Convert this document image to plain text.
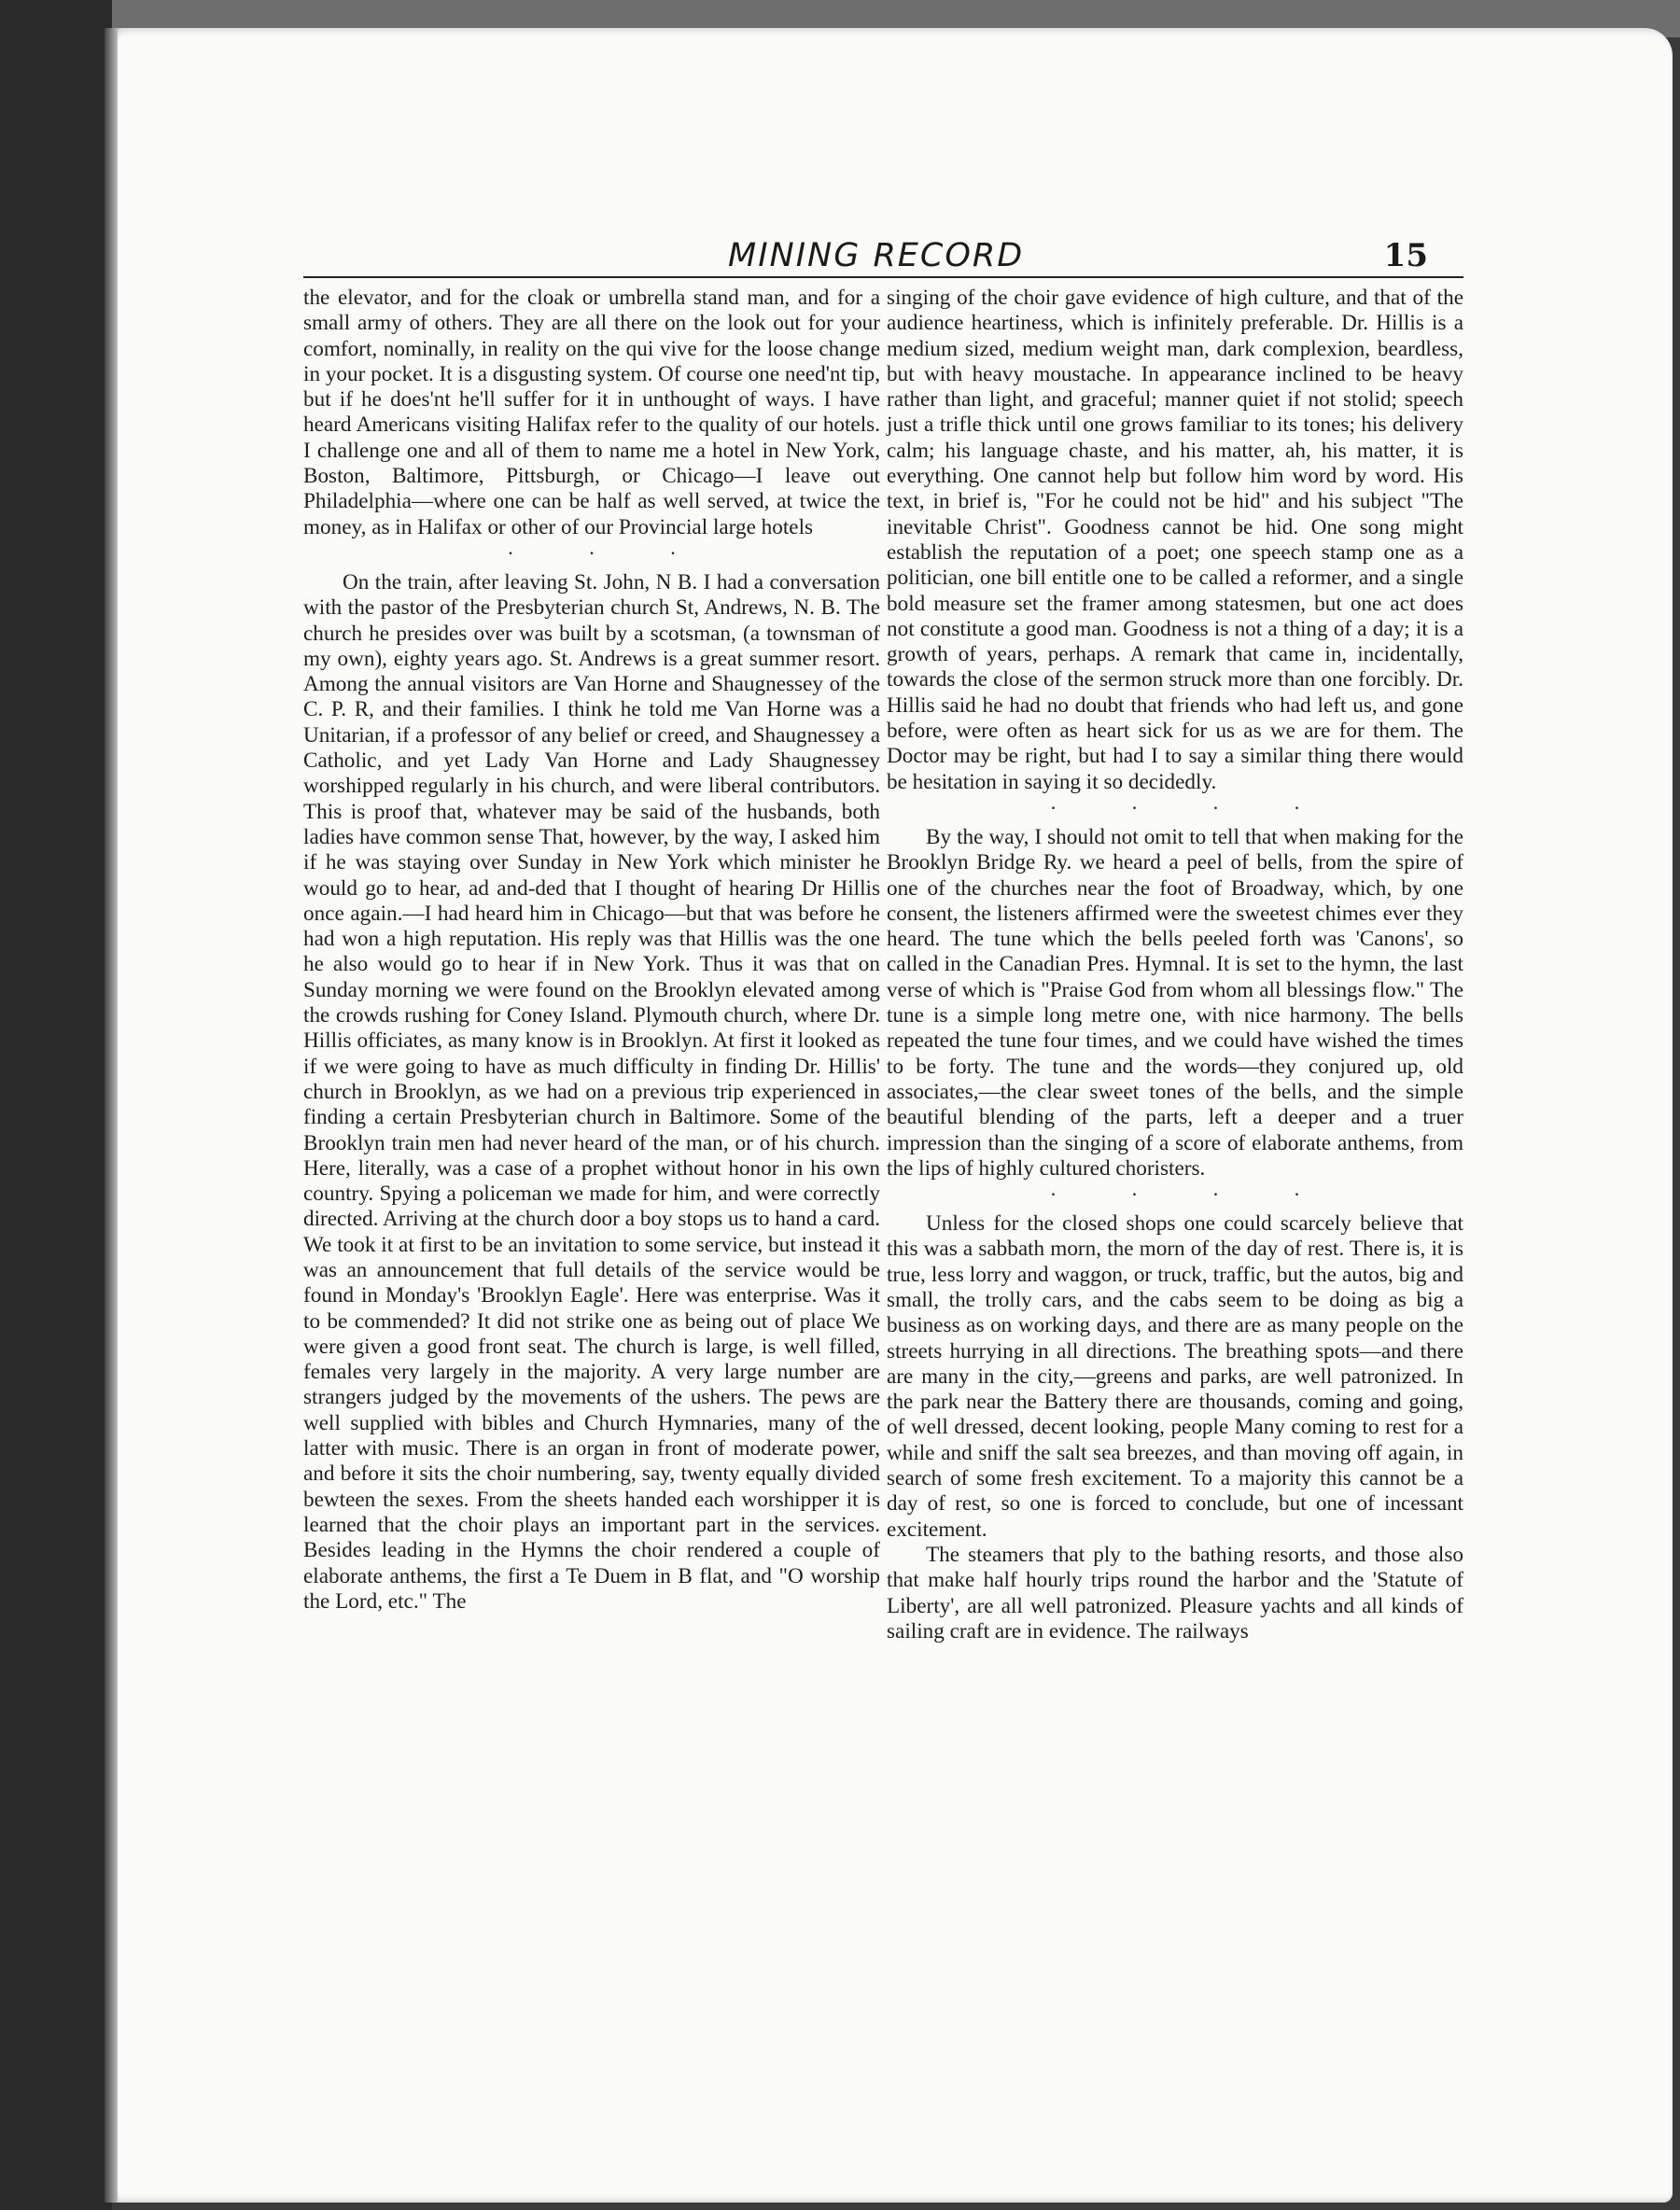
MINING RECORD	15

the elevator, and for the cloak or umbrella stand man, and for a small army of others. They are all there on the look out for your comfort, nominally, in reality on the qui vive for the loose change in your pocket. It is a disgusting system. Of course one need'nt tip, but if he does'nt he'll suffer for it in unthought of ways. I have heard Americans visiting Halifax refer to the quality of our hotels. I challenge one and all of them to name me a hotel in New York, Boston, Baltimore, Pittsburgh, or Chicago—I leave out Philadelphia—where one can be half as well served, at twice the money, as in Halifax or other of our Provincial large hotels

. . .

On the train, after leaving St. John, N B. I had a conversation with the pastor of the Presbyterian church St, Andrews, N. B. The church he presides over was built by a scotsman, (a townsman of my own), eighty years ago. St. Andrews is a great summer resort. Among the annual visitors are Van Horne and Shaugnessey of the C. P. R, and their families. I think he told me Van Horne was a Unitarian, if a professor of any belief or creed, and Shaugnessey a Catholic, and yet Lady Van Horne and Lady Shaugnessey worshipped regularly in his church, and were liberal contributors. This is proof that, whatever may be said of the husbands, both ladies have common sense That, however, by the way, I asked him if he was staying over Sunday in New York which minister he would go to hear, ad and-ded that I thought of hearing Dr Hillis once again.—I had heard him in Chicago—but that was before he had won a high reputation. His reply was that Hillis was the one he also would go to hear if in New York. Thus it was that on Sunday morning we were found on the Brooklyn elevated among the crowds rushing for Coney Island. Plymouth church, where Dr. Hillis officiates, as many know is in Brooklyn. At first it looked as if we were going to have as much difficulty in finding Dr. Hillis' church in Brooklyn, as we had on a previous trip experienced in finding a certain Presbyterian church in Baltimore. Some of the Brooklyn train men had never heard of the man, or of his church. Here, literally, was a case of a prophet without honor in his own country. Spying a policeman we made for him, and were correctly directed. Arriving at the church door a boy stops us to hand a card. We took it at first to be an invitation to some service, but instead it was an announcement that full details of the service would be found in Monday's 'Brooklyn Eagle'. Here was enterprise. Was it to be commended? It did not strike one as being out of place We were given a good front seat. The church is large, is well filled, females very largely in the majority. A very large number are strangers judged by the movements of the ushers. The pews are well supplied with bibles and Church Hymnaries, many of the latter with music. There is an organ in front of moderate power, and before it sits the choir numbering, say, twenty equally divided bewteen the sexes. From the sheets handed each worshipper it is learned that the choir plays an important part in the services. Besides leading in the Hymns the choir rendered a couple of elaborate anthems, the first a Te Duem in B flat, and "O worship the Lord, etc." The

singing of the choir gave evidence of high culture, and that of the audience heartiness, which is infinitely preferable. Dr. Hillis is a medium sized, medium weight man, dark complexion, beardless, but with heavy moustache. In appearance inclined to be heavy rather than light, and graceful; manner quiet if not stolid; speech just a trifle thick until one grows familiar to its tones; his delivery calm; his language chaste, and his matter, ah, his matter, it is everything. One cannot help but follow him word by word. His text, in brief is, "For he could not be hid" and his subject "The inevitable Christ". Goodness cannot be hid. One song might establish the reputation of a poet; one speech stamp one as a politician, one bill entitle one to be called a reformer, and a single bold measure set the framer among statesmen, but one act does not constitute a good man. Goodness is not a thing of a day; it is a growth of years, perhaps. A remark that came in, incidentally, towards the close of the sermon struck more than one forcibly. Dr. Hillis said he had no doubt that friends who had left us, and gone before, were often as heart sick for us as we are for them. The Doctor may be right, but had I to say a similar thing there would be hesitation in saying it so decidedly.

. . . .

By the way, I should not omit to tell that when making for the Brooklyn Bridge Ry. we heard a peel of bells, from the spire of one of the churches near the foot of Broadway, which, by one consent, the listeners affirmed were the sweetest chimes ever they heard. The tune which the bells peeled forth was 'Canons', so called in the Canadian Pres. Hymnal. It is set to the hymn, the last verse of which is "Praise God from whom all blessings flow." The tune is a simple long metre one, with nice harmony. The bells repeated the tune four times, and we could have wished the times to be forty. The tune and the words—they conjured up, old associates,—the clear sweet tones of the bells, and the simple beautiful blending of the parts, left a deeper and a truer impression than the singing of a score of elaborate anthems, from the lips of highly cultured choristers.

. . . .

Unless for the closed shops one could scarcely believe that this was a sabbath morn, the morn of the day of rest. There is, it is true, less lorry and waggon, or truck, traffic, but the autos, big and small, the trolly cars, and the cabs seem to be doing as big a business as on working days, and there are as many people on the streets hurrying in all directions. The breathing spots—and there are many in the city,—greens and parks, are well patronized. In the park near the Battery there are thousands, coming and going, of well dressed, decent looking, people Many coming to rest for a while and sniff the salt sea breezes, and than moving off again, in search of some fresh excitement. To a majority this cannot be a day of rest, so one is forced to conclude, but one of incessant excitement.

The steamers that ply to the bathing resorts, and those also that make half hourly trips round the harbor and the 'Statute of Liberty', are all well patronized. Pleasure yachts and all kinds of sailing craft are in evidence. The railways
